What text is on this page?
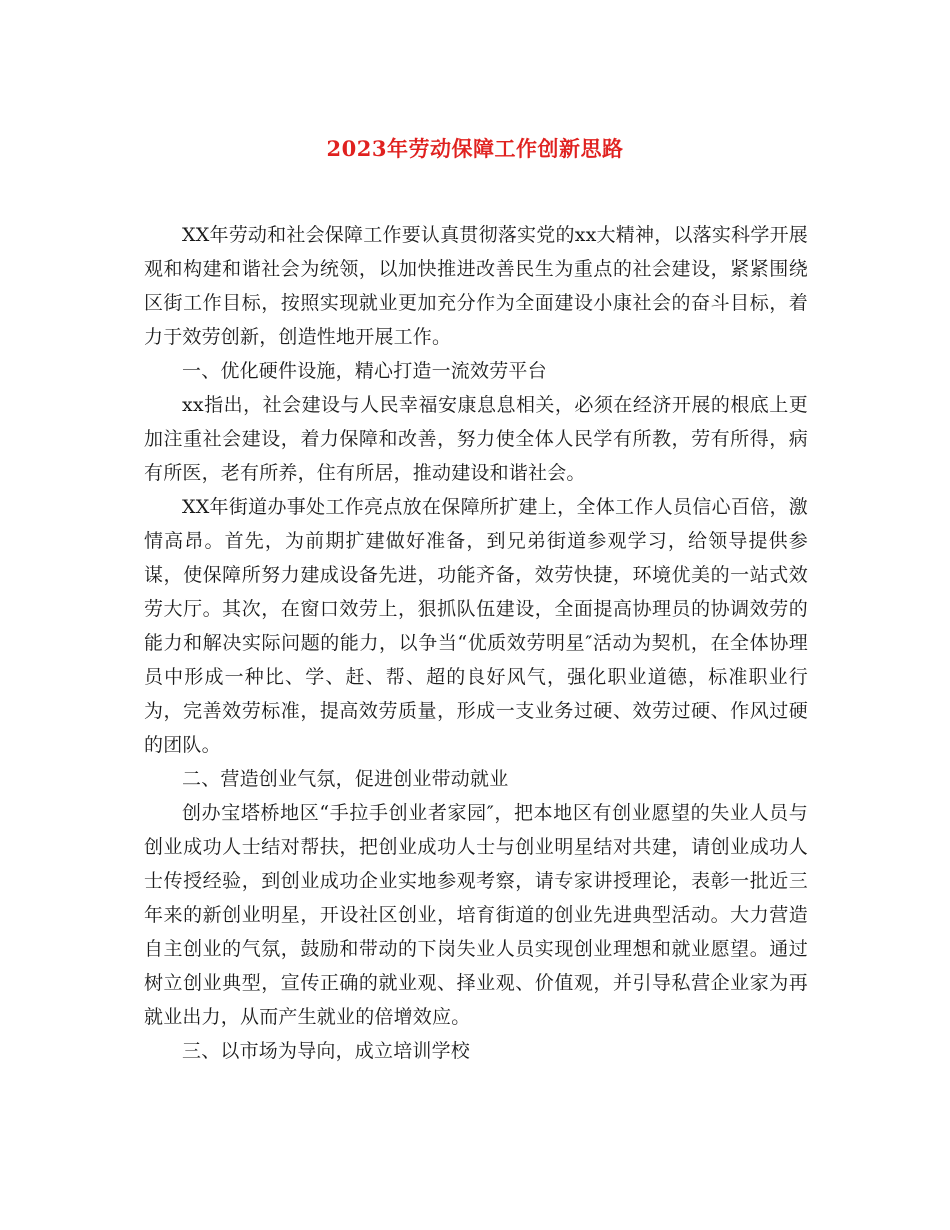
2023年劳动保障工作创新思路

XX年劳动和社会保障工作要认真贯彻落实党的xx大精神，以落实科学开展观和构建和谐社会为统领，以加快推进改善民生为重点的社会建设，紧紧围绕区街工作目标，按照实现就业更加充分作为全面建设小康社会的奋斗目标，着力于效劳创新，创造性地开展工作。

一、优化硬件设施，精心打造一流效劳平台

xx指出，社会建设与人民幸福安康息息相关，必须在经济开展的根底上更加注重社会建设，着力保障和改善，努力使全体人民学有所教，劳有所得，病有所医，老有所养，住有所居，推动建设和谐社会。

XX年街道办事处工作亮点放在保障所扩建上，全体工作人员信心百倍，激情高昂。首先，为前期扩建做好准备，到兄弟街道参观学习，给领导提供参谋，使保障所努力建成设备先进，功能齐备，效劳快捷，环境优美的一站式效劳大厅。其次，在窗口效劳上，狠抓队伍建设，全面提高协理员的协调效劳的能力和解决实际问题的能力，以争当“优质效劳明星″活动为契机，在全体协理员中形成一种比、学、赶、帮、超的良好风气，强化职业道德，标准职业行为，完善效劳标准，提高效劳质量，形成一支业务过硬、效劳过硬、作风过硬的团队。

二、营造创业气氛，促进创业带动就业

创办宝塔桥地区“手拉手创业者家园″，把本地区有创业愿望的失业人员与创业成功人士结对帮扶，把创业成功人士与创业明星结对共建，请创业成功人士传授经验，到创业成功企业实地参观考察，请专家讲授理论，表彰一批近三年来的新创业明星，开设社区创业，培育街道的创业先进典型活动。大力营造自主创业的气氛，鼓励和带动的下岗失业人员实现创业理想和就业愿望。通过树立创业典型，宣传正确的就业观、择业观、价值观，并引导私营企业家为再就业出力，从而产生就业的倍增效应。

三、以市场为导向，成立培训学校
